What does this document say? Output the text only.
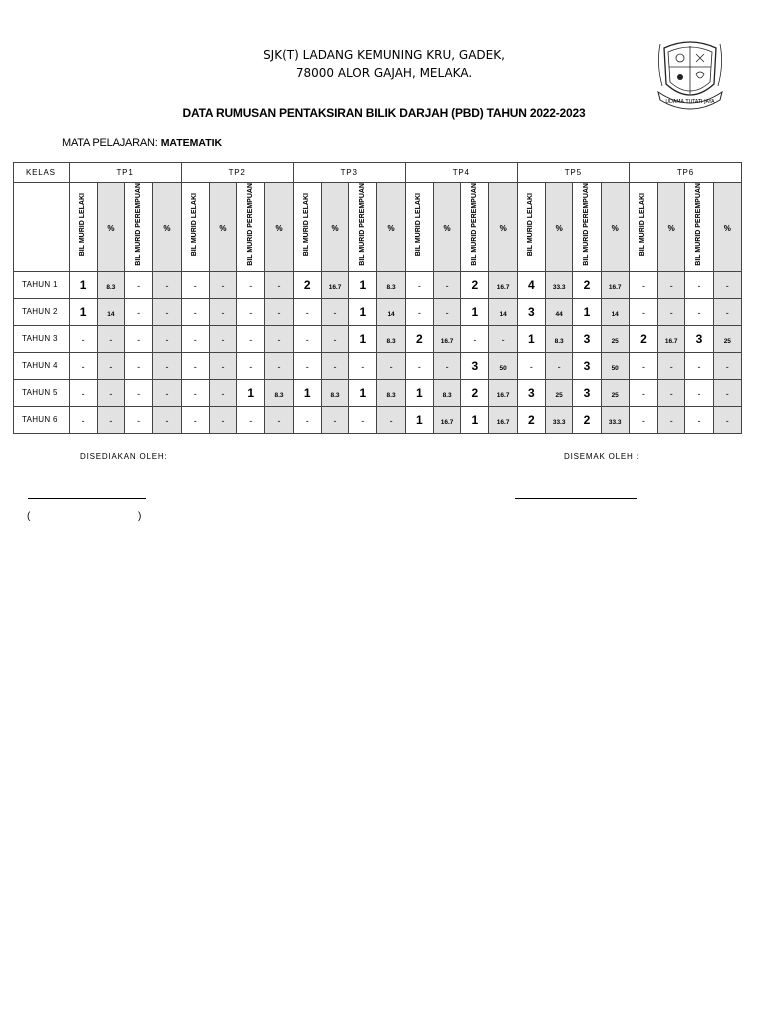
SJK(T) LADANG KEMUNING KRU, GADEK,
78000 ALOR GAJAH, MELAKA.
UDAMA TUTATI JAYA
DATA RUMUSAN PENTAKSIRAN BILIK DARJAH (PBD) TAHUN 2022-2023
MATA PELAJARAN: MATEMATIK
KELAS	TP1				TP2				TP3				TP4				TP5				TP6			
	BIL MURID LELAKI	%	BIL MURID PEREMPUAN	%	BIL MURID LELAKI	%	BIL MURID PEREMPUAN	%	BIL MURID LELAKI	%	BIL MURID PEREMPUAN	%	BIL MURID LELAKI	%	BIL MURID PEREMPUAN	%	BIL MURID LELAKI	%	BIL MURID PEREMPUAN	%	BIL MURID LELAKI	%	BIL MURID PEREMPUAN	%
TAHUN 1	1	8.3	-	-	-	-	-	-	2	16.7	1	8.3	-	-	2	16.7	4	33.3	2	16.7	-	-	-	-
TAHUN 2	1	14	-	-	-	-	-	-	-	-	1	14	-	-	1	14	3	44	1	14	-	-	-	-
TAHUN 3	-	-	-	-	-	-	-	-	-	-	1	8.3	2	16.7	-	-	1	8.3	3	25	2	16.7	3	25
TAHUN 4	-	-	-	-	-	-	-	-	-	-	-	-	-	-	3	50	-	-	3	50	-	-	-	-
TAHUN 5	-	-	-	-	-	-	1	8.3	1	8.3	1	8.3	1	8.3	2	16.7	3	25	3	25	-	-	-	-
TAHUN 6	-	-	-	-	-	-	-	-	-	-	-	-	1	16.7	1	16.7	2	33.3	2	33.3	-	-	-	-
DISEDIAKAN OLEH:	DISEMAK OLEH :
(	)
